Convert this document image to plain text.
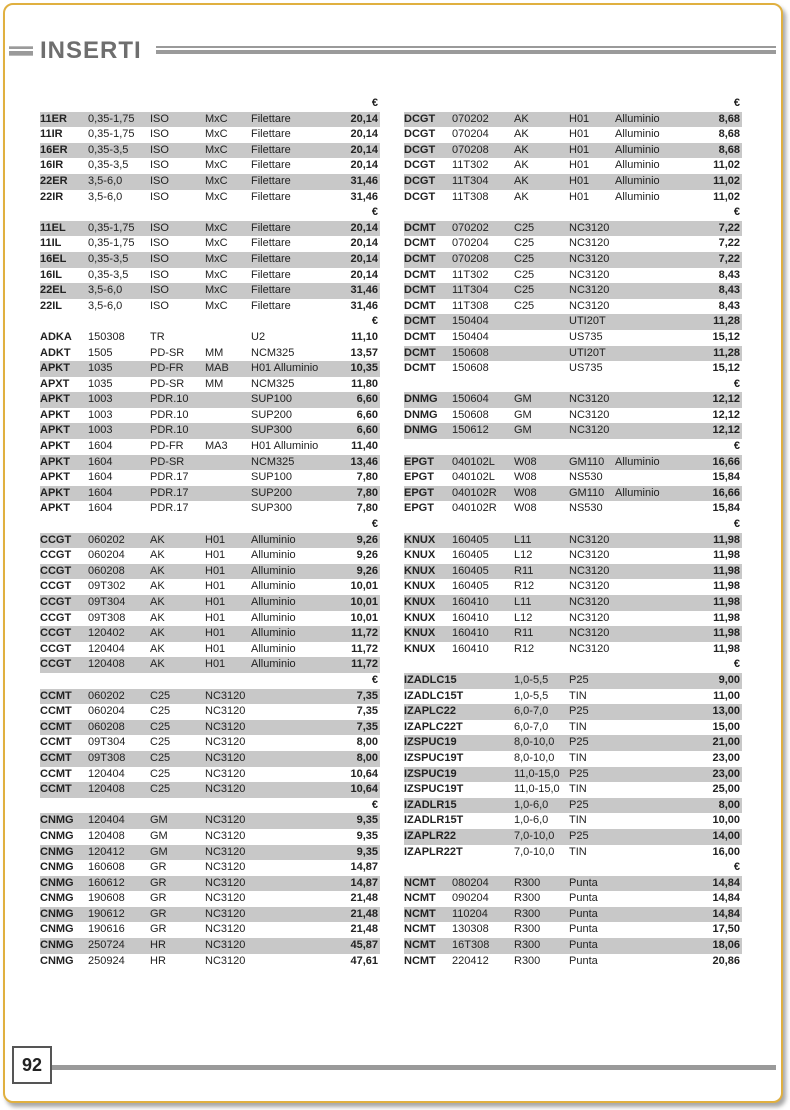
INSERTI
€
11ER 0,35-1,75 ISO	MxC Filettare	20,14
11IR 0,35-1,75 ISO	MxC Filettare	20,14
16ER 0,35-3,5 ISO	MxC Filettare	20,14
16IR 0,35-3,5 ISO	MxC Filettare	20,14
22ER 3,5-6,0	ISO	MxC Filettare	31,46
22IR 3,5-6,0	ISO	MxC Filettare	31,46
€
11EL 0,35-1,75 ISO	MxC Filettare	20,14
11IL 0,35-1,75 ISO	MxC Filettare	20,14
16EL 0,35-3,5 ISO	MxC Filettare	20,14
16IL 0,35-3,5 ISO	MxC Filettare	20,14
22EL 3,5-6,0	ISO	MxC Filettare	31,46
22IL 3,5-6,0	ISO	MxC Filettare	31,46
€
ADKA 150308 TR	U2	11,10
ADKT 1505	PD-SR MM	NCM325	13,57
APKT 1035	PD-FR MAB H01 Alluminio	10,35
APXT 1035	PD-SR MM	NCM325	11,80
APKT 1003	PDR.10	SUP100	6,60
APKT 1003	PDR.10	SUP200	6,60
APKT 1003	PDR.10	SUP300	6,60
APKT 1604	PD-FR MA3 H01 Alluminio	11,40
APKT 1604	PD-SR	NCM325	13,46
APKT 1604	PDR.17	SUP100	7,80
APKT 1604	PDR.17	SUP200	7,80
APKT 1604	PDR.17	SUP300	7,80
€
CCGT 060202 AK	H01 Alluminio	9,26
CCGT 060204 AK	H01 Alluminio	9,26
CCGT 060208 AK	H01 Alluminio	9,26
CCGT 09T302 AK	H01 Alluminio	10,01
CCGT 09T304 AK	H01 Alluminio	10,01
CCGT 09T308 AK	H01 Alluminio	10,01
CCGT 120402 AK	H01 Alluminio	11,72
CCGT 120404 AK	H01 Alluminio	11,72
CCGT 120408 AK	H01 Alluminio	11,72
€
CCMT 060202 C25	NC3120	7,35
CCMT 060204 C25	NC3120	7,35
CCMT 060208 C25	NC3120	7,35
CCMT 09T304 C25	NC3120	8,00
CCMT 09T308 C25	NC3120	8,00
CCMT 120404 C25	NC3120	10,64
CCMT 120408 C25	NC3120	10,64
€
CNMG 120404 GM	NC3120	9,35
CNMG 120408 GM	NC3120	9,35
CNMG 120412 GM	NC3120	9,35
CNMG 160608 GR	NC3120	14,87
CNMG 160612 GR	NC3120	14,87
CNMG 190608 GR	NC3120	21,48
CNMG 190612 GR	NC3120	21,48
CNMG 190616 GR	NC3120	21,48
CNMG 250724 HR	NC3120	45,87
CNMG 250924 HR	NC3120	47,61
€
DCGT 070202 AK	H01 Alluminio	8,68
DCGT 070204 AK	H01 Alluminio	8,68
DCGT 070208 AK	H01 Alluminio	8,68
DCGT 11T302 AK	H01 Alluminio	11,02
DCGT 11T304 AK	H01 Alluminio	11,02
DCGT 11T308 AK	H01 Alluminio	11,02
€
DCMT 070202 C25	NC3120	7,22
DCMT 070204 C25	NC3120	7,22
DCMT 070208 C25	NC3120	7,22
DCMT 11T302 C25	NC3120	8,43
DCMT 11T304 C25	NC3120	8,43
DCMT 11T308 C25	NC3120	8,43
DCMT 150404	UTI20T	11,28
DCMT 150404	US735	15,12
DCMT 150608	UTI20T	11,28
DCMT 150608	US735	15,12
€
DNMG 150604 GM	NC3120	12,12
DNMG 150608 GM	NC3120	12,12
DNMG 150612 GM	NC3120	12,12
€
EPGT 040102L W08	GM110 Alluminio	16,66
EPGT 040102L W08	NS530	15,84
EPGT 040102R W08	GM110 Alluminio	16,66
EPGT 040102R W08	NS530	15,84
€
KNUX 160405 L11	NC3120	11,98
KNUX 160405 L12	NC3120	11,98
KNUX 160405 R11	NC3120	11,98
KNUX 160405 R12	NC3120	11,98
KNUX 160410 L11	NC3120	11,98
KNUX 160410 L12	NC3120	11,98
KNUX 160410 R11	NC3120	11,98
KNUX 160410 R12	NC3120	11,98
€
IZADLC15	1,0-5,5 P25	9,00
IZADLC15T	1,0-5,5 TIN	11,00
IZAPLC22	6,0-7,0 P25	13,00
IZAPLC22T	6,0-7,0 TIN	15,00
IZSPUC19	8,0-10,0 P25	21,00
IZSPUC19T	8,0-10,0 TIN	23,00
IZSPUC19	11,0-15,0 P25	23,00
IZSPUC19T	11,0-15,0 TIN	25,00
IZADLR15	1,0-6,0 P25	8,00
IZADLR15T	1,0-6,0 TIN	10,00
IZAPLR22	7,0-10,0 P25	14,00
IZAPLR22T	7,0-10,0 TIN	16,00
€
NCMT 080204 R300	Punta	14,84
NCMT 090204 R300	Punta	14,84
NCMT 110204 R300	Punta	14,84
NCMT 130308 R300	Punta	17,50
NCMT 16T308 R300	Punta	18,06
NCMT 220412 R300	Punta	20,86
92
